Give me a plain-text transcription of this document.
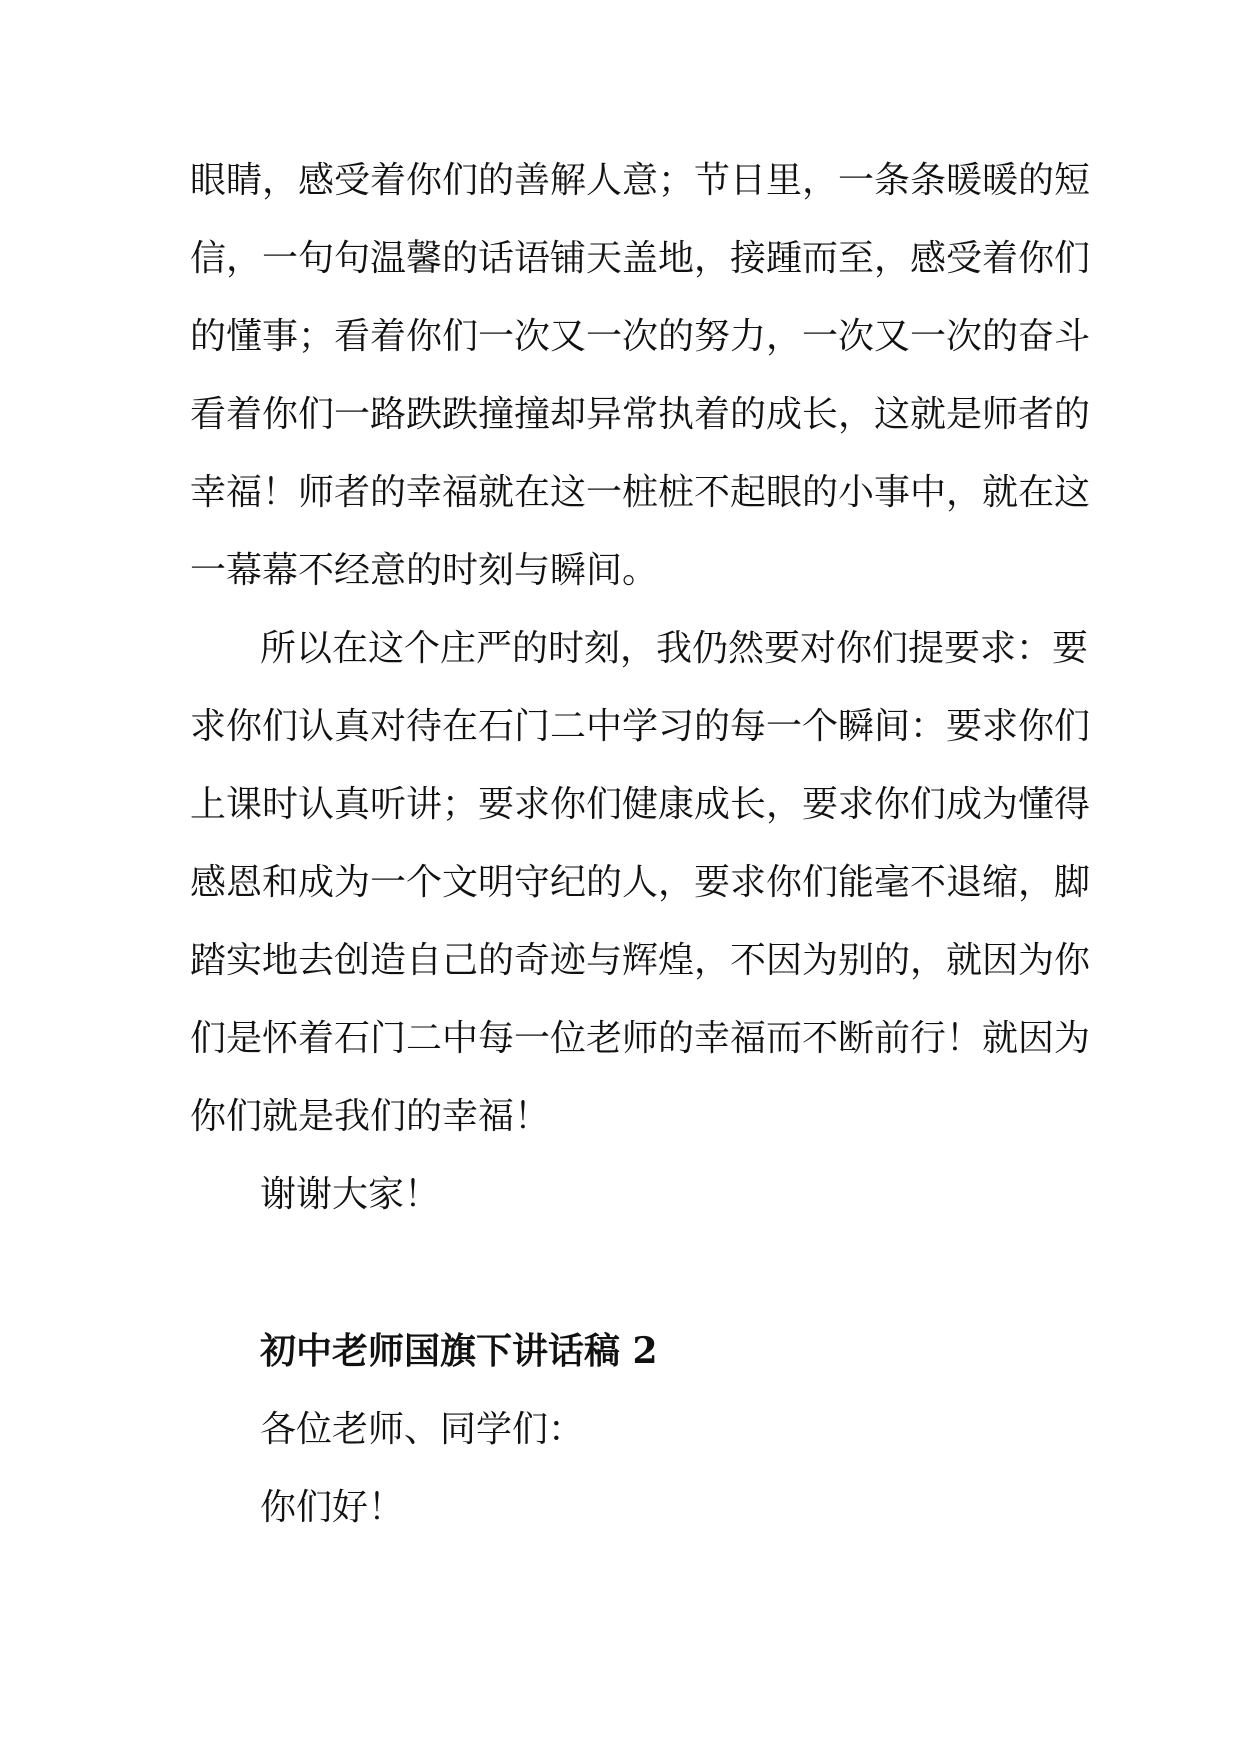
眼睛，感受着你们的善解人意；节日里，一条条暖暖的短
信，一句句温馨的话语铺天盖地，接踵而至，感受着你们
的懂事；看着你们一次又一次的努力，一次又一次的奋斗
看着你们一路跌跌撞撞却异常执着的成长，这就是师者的
幸福！师者的幸福就在这一桩桩不起眼的小事中，就在这
一幕幕不经意的时刻与瞬间。
所以在这个庄严的时刻，我仍然要对你们提要求：要
求你们认真对待在石门二中学习的每一个瞬间：要求你们
上课时认真听讲；要求你们健康成长，要求你们成为懂得
感恩和成为一个文明守纪的人，要求你们能毫不退缩，脚
踏实地去创造自己的奇迹与辉煌，不因为别的，就因为你
们是怀着石门二中每一位老师的幸福而不断前行！就因为
你们就是我们的幸福！
谢谢大家！
初中老师国旗下讲话稿 2
各位老师、同学们：
你们好！
